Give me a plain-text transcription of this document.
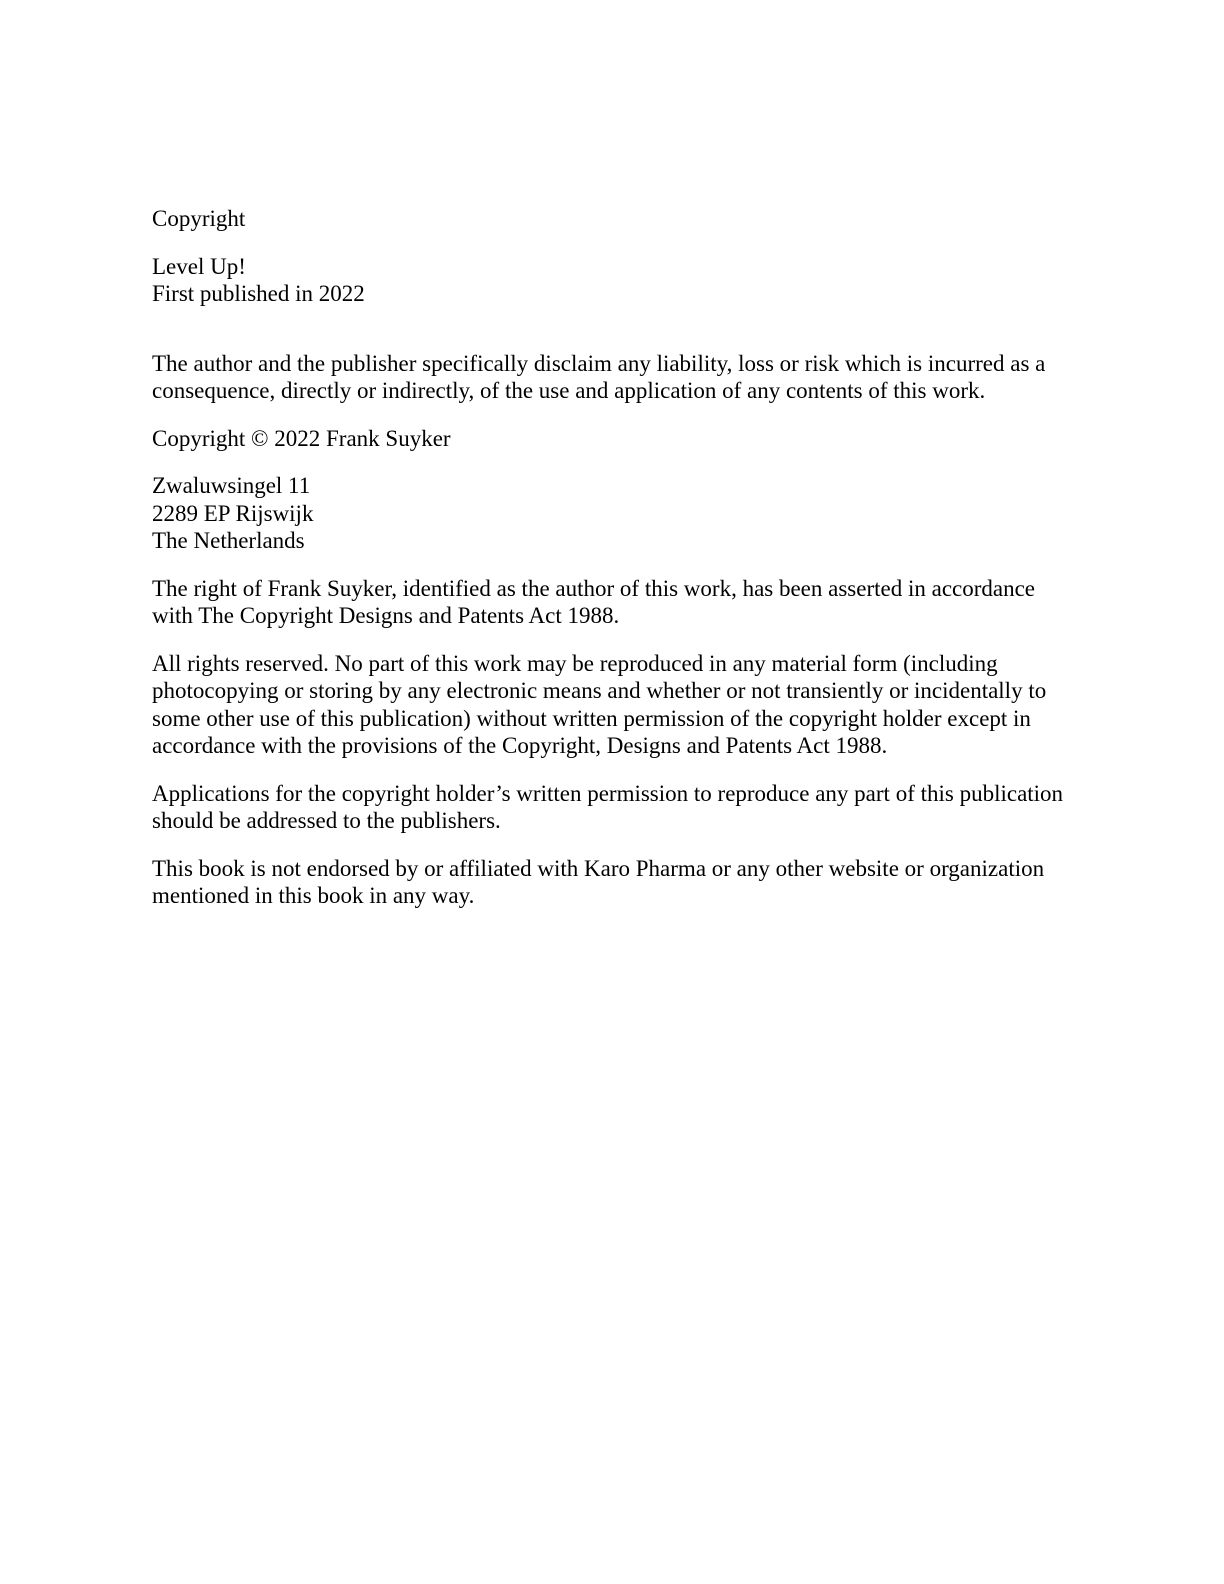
Copyright

Level Up!
First published in 2022

The author and the publisher specifically disclaim any liability, loss or risk which is incurred as a consequence, directly or indirectly, of the use and application of any contents of this work.

Copyright © 2022 Frank Suyker

Zwaluwsingel 11
2289 EP Rijswijk
The Netherlands

The right of Frank Suyker, identified as the author of this work, has been asserted in accordance with The Copyright Designs and Patents Act 1988.

All rights reserved. No part of this work may be reproduced in any material form (including photocopying or storing by any electronic means and whether or not transiently or incidentally to some other use of this publication) without written permission of the copyright holder except in accordance with the provisions of the Copyright, Designs and Patents Act 1988.

Applications for the copyright holder’s written permission to reproduce any part of this publication should be addressed to the publishers.

This book is not endorsed by or affiliated with Karo Pharma or any other website or organization mentioned in this book in any way.
